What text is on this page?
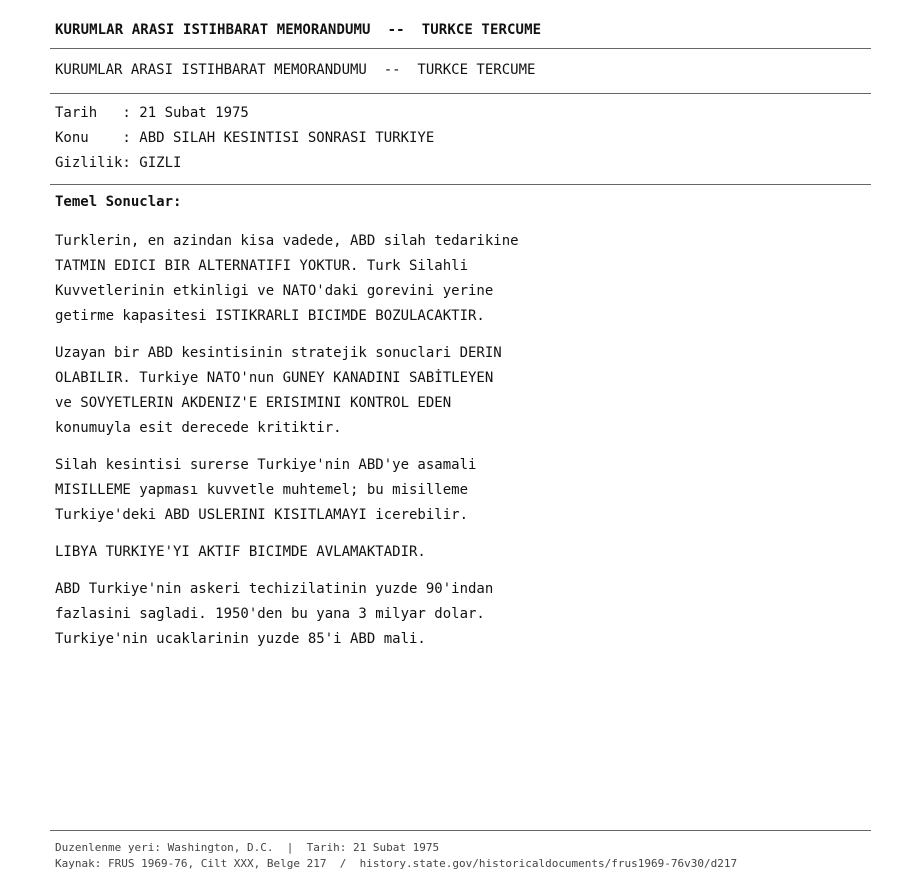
KURUMLAR ARASI ISTIHBARAT MEMORANDUMU  --  TURKCE TERCUME
KURUMLAR ARASI ISTIHBARAT MEMORANDUMU  --  TURKCE TERCUME
Tarih   : 21 Subat 1975
Konu    : ABD SILAH KESINTISI SONRASI TURKIYE
Gizlilik: GIZLI
Temel Sonuclar:
Turklerin, en azindan kisa vadede, ABD silah tedarikine
TATMIN EDICI BIR ALTERNATIFI YOKTUR. Turk Silahli
Kuvvetlerinin etkinligi ve NATO'daki gorevini yerine
getirme kapasitesi ISTIKRARLI BICIMDE BOZULACAKTIR.
Uzayan bir ABD kesintisinin stratejik sonuclari DERIN
OLABILIR. Turkiye NATO'nun GUNEY KANADINI SABİTLEYEN
ve SOVYETLERIN AKDENIZ'E ERISIMINI KONTROL EDEN
konumuyla esit derecede kritiktir.
Silah kesintisi surerse Turkiye'nin ABD'ye asamali
MISILLEME yapması kuvvetle muhtemel; bu misilleme
Turkiye'deki ABD USLERINI KISITLAMAYI icerebilir.
LIBYA TURKIYE'YI AKTIF BICIMDE AVLAMAKTADIR.
ABD Turkiye'nin askeri techizilatinin yuzde 90'indan
fazlasini sagladi. 1950'den bu yana 3 milyar dolar.
Turkiye'nin ucaklarinin yuzde 85'i ABD mali.
Duzenlenme yeri: Washington, D.C.  |  Tarih: 21 Subat 1975
Kaynak: FRUS 1969-76, Cilt XXX, Belge 217  /  history.state.gov/historicaldocuments/frus1969-76v30/d217
